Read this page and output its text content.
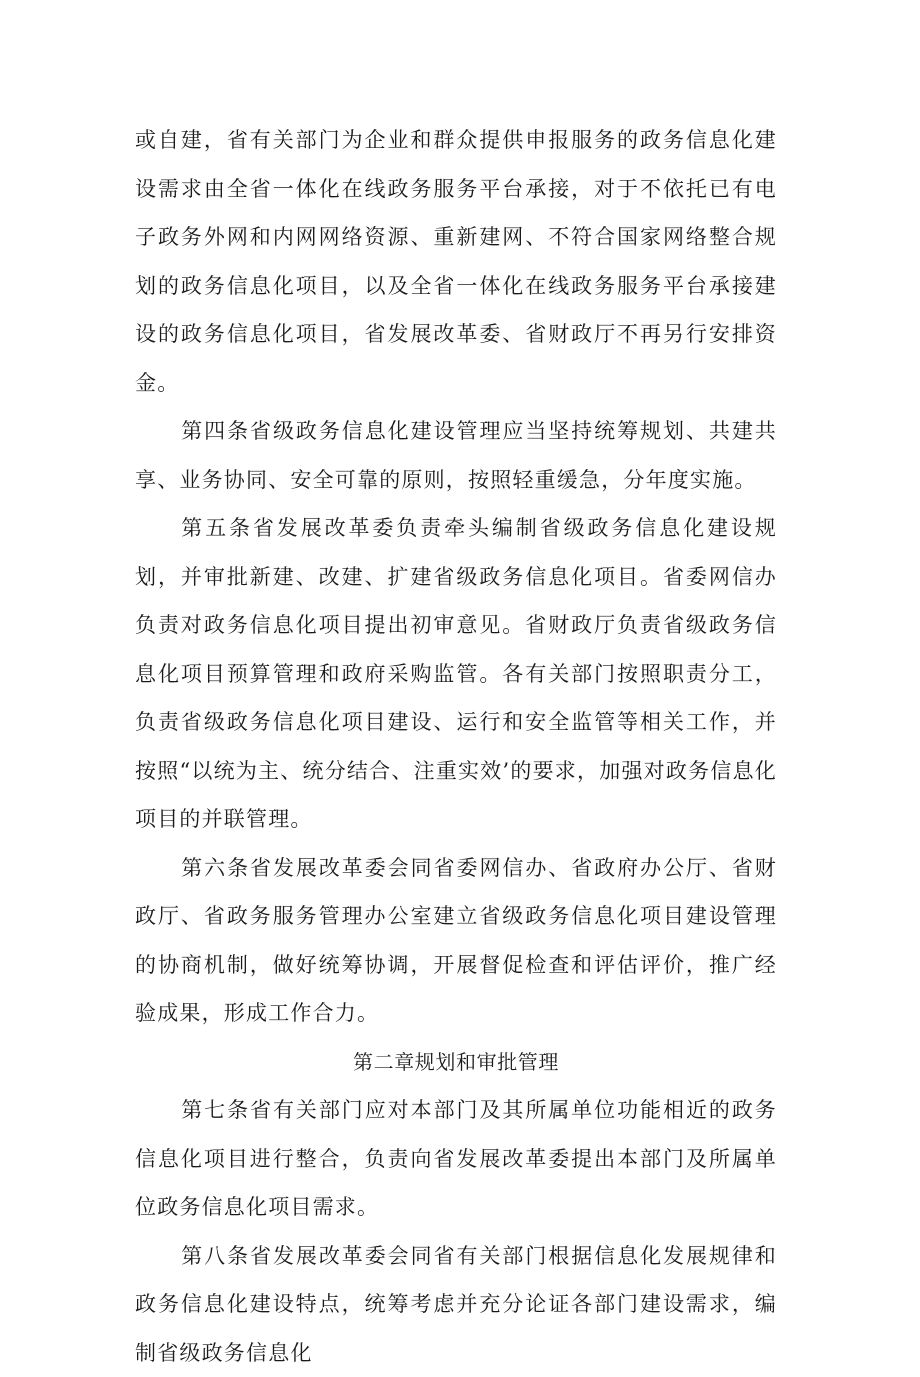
或自建，省有关部门为企业和群众提供申报服务的政务信息化建设需求由全省一体化在线政务服务平台承接，对于不依托已有电子政务外网和内网网络资源、重新建网、不符合国家网络整合规划的政务信息化项目，以及全省一体化在线政务服务平台承接建设的政务信息化项目，省发展改革委、省财政厅不再另行安排资金。

第四条省级政务信息化建设管理应当坚持统筹规划、共建共享、业务协同、安全可靠的原则，按照轻重缓急，分年度实施。

第五条省发展改革委负责牵头编制省级政务信息化建设规划，并审批新建、改建、扩建省级政务信息化项目。省委网信办负责对政务信息化项目提出初审意见。省财政厅负责省级政务信息化项目预算管理和政府采购监管。各有关部门按照职责分工，负责省级政务信息化项目建设、运行和安全监管等相关工作，并按照“以统为主、统分结合、注重实效’的要求，加强对政务信息化项目的并联管理。

第六条省发展改革委会同省委网信办、省政府办公厅、省财政厅、省政务服务管理办公室建立省级政务信息化项目建设管理的协商机制，做好统筹协调，开展督促检查和评估评价，推广经验成果，形成工作合力。

第二章规划和审批管理

第七条省有关部门应对本部门及其所属单位功能相近的政务信息化项目进行整合，负责向省发展改革委提出本部门及所属单位政务信息化项目需求。

第八条省发展改革委会同省有关部门根据信息化发展规律和政务信息化建设特点，统筹考虑并充分论证各部门建设需求，编制省级政务信息化
